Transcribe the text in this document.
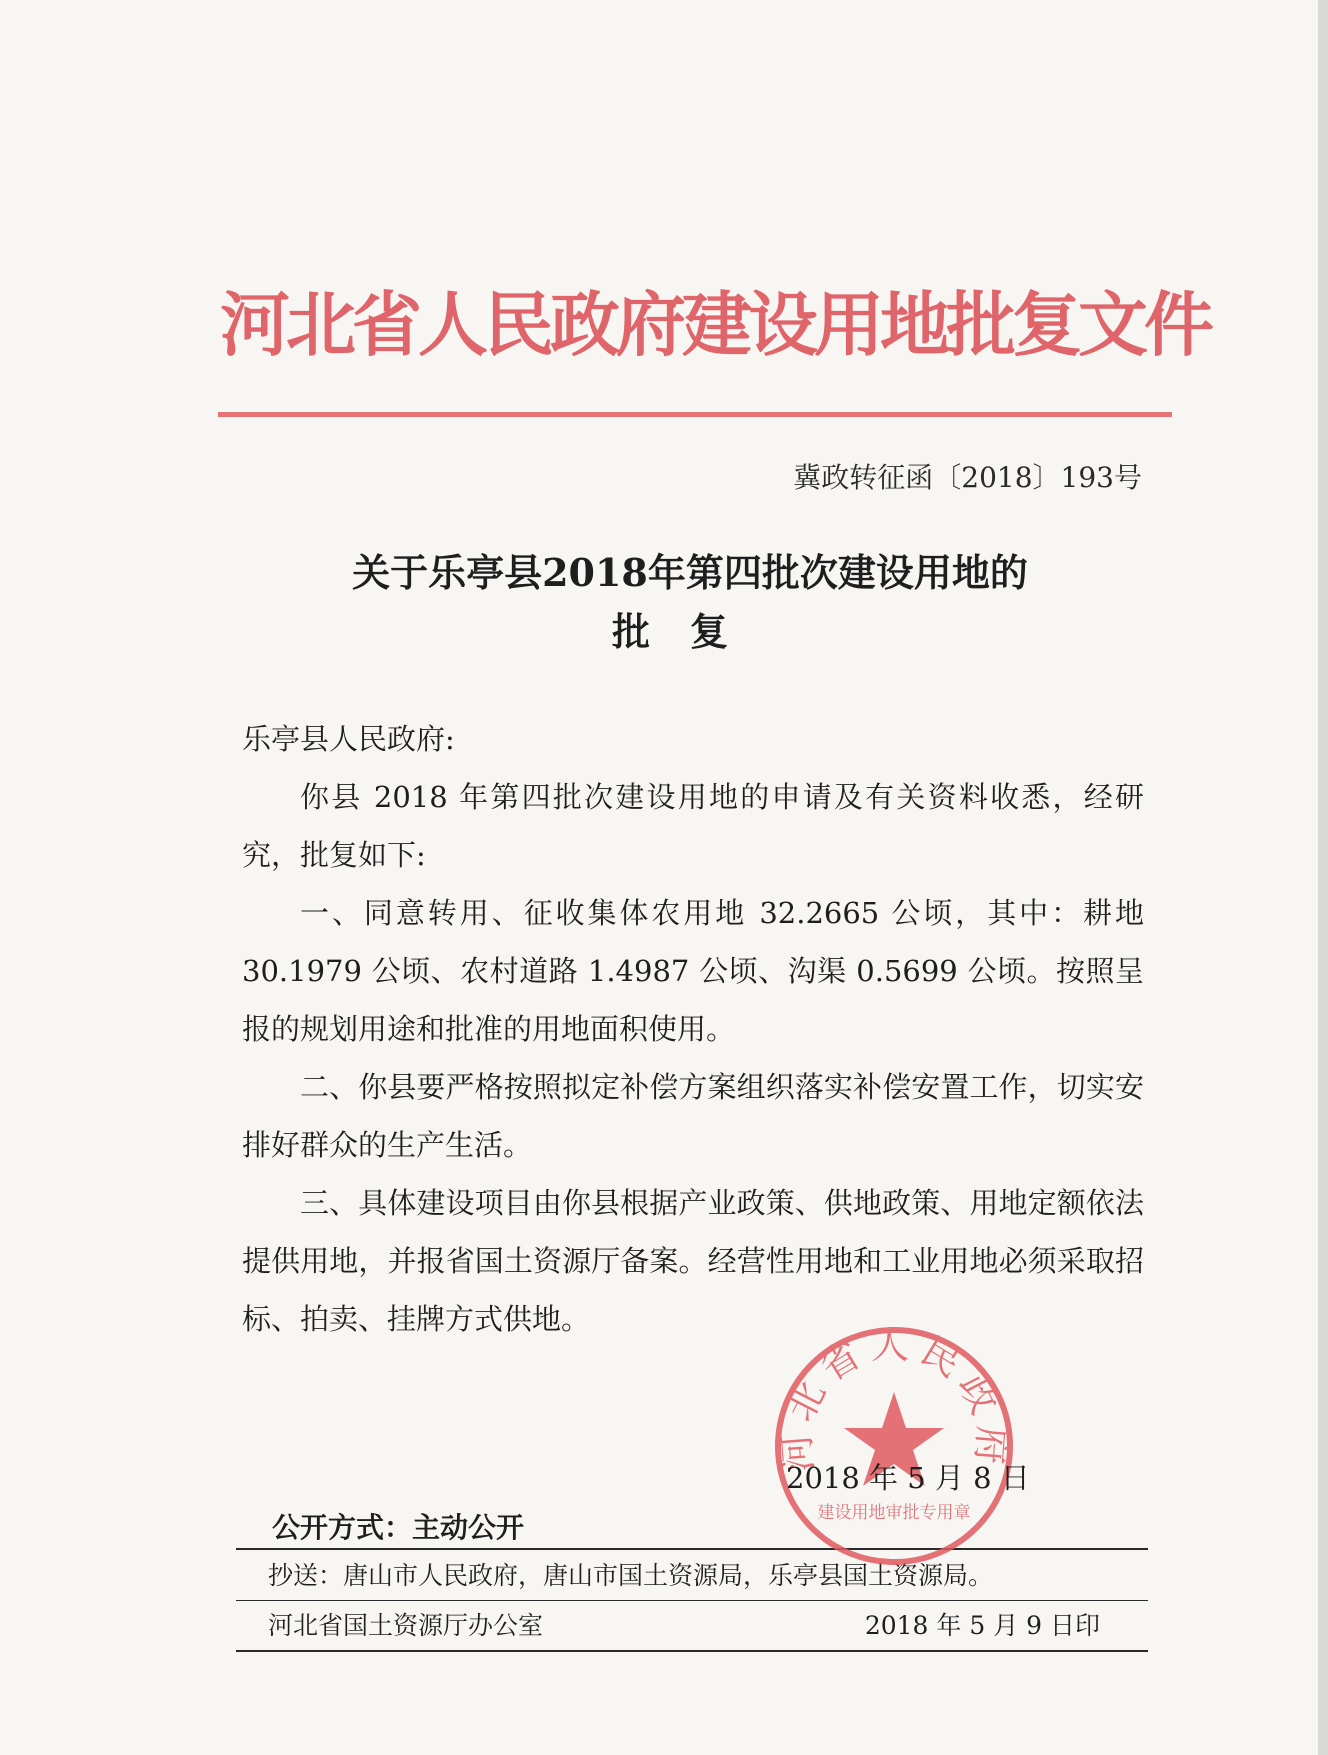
河北省人民政府建设用地批复文件
冀政转征函〔2018〕193号
关于乐亭县2018年第四批次建设用地的
批复

乐亭县人民政府:

你县 2018 年第四批次建设用地的申请及有关资料收悉，经研究，批复如下:

一、同意转用、征收集体农用地 32.2665 公顷，其中：耕地 30.1979 公顷、农村道路 1.4987 公顷、沟渠 0.5699 公顷。按照呈报的规划用途和批准的用地面积使用。

二、你县要严格按照拟定补偿方案组织落实补偿安置工作，切实安排好群众的生产生活。

三、具体建设项目由你县根据产业政策、供地政策、用地定额依法提供用地，并报省国土资源厅备案。经营性用地和工业用地必须采取招标、拍卖、挂牌方式供地。

河北省人民政府
建设用地审批专用章
2018 年 5 月 8 日
公开方式：主动公开
抄送：唐山市人民政府，唐山市国土资源局，乐亭县国土资源局。
河北省国土资源厅办公室	2018 年 5 月 9 日印
